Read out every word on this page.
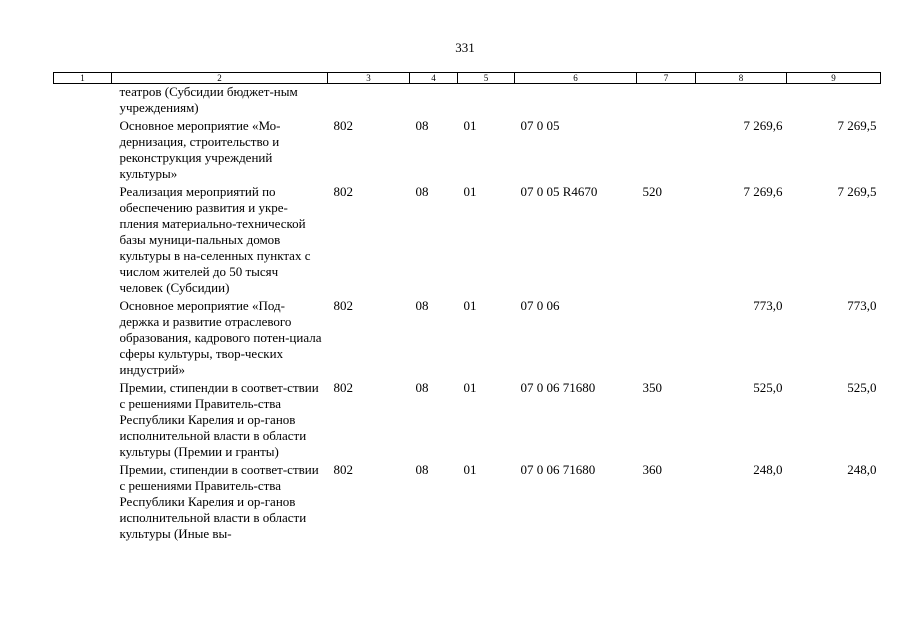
331
1	2	3	4	5	6	7	8	9
	театров (Субсидии бюджет-ным учреждениям)							
	Основное мероприятие «Мо-дернизация, строительство и реконструкция учреждений культуры»	802	08	01	07 0 05		7 269,6	7 269,5
	Реализация мероприятий по обеспечению развития и укре-пления материально-технической базы муници-пальных домов культуры в на-селенных пунктах с числом жителей до 50 тысяч человек (Субсидии)	802	08	01	07 0 05 R4670	520	7 269,6	7 269,5
	Основное мероприятие «Под-держка и развитие отраслевого образования, кадрового потен-циала сферы культуры, твор-ческих индустрий»	802	08	01	07 0 06		773,0	773,0
	Премии, стипендии в соответ-ствии с решениями Правитель-ства Республики Карелия и ор-ганов исполнительной власти в области культуры (Премии и гранты)	802	08	01	07 0 06 71680	350	525,0	525,0
	Премии, стипендии в соответ-ствии с решениями Правитель-ства Республики Карелия и ор-ганов исполнительной власти в области культуры (Иные вы-	802	08	01	07 0 06 71680	360	248,0	248,0
